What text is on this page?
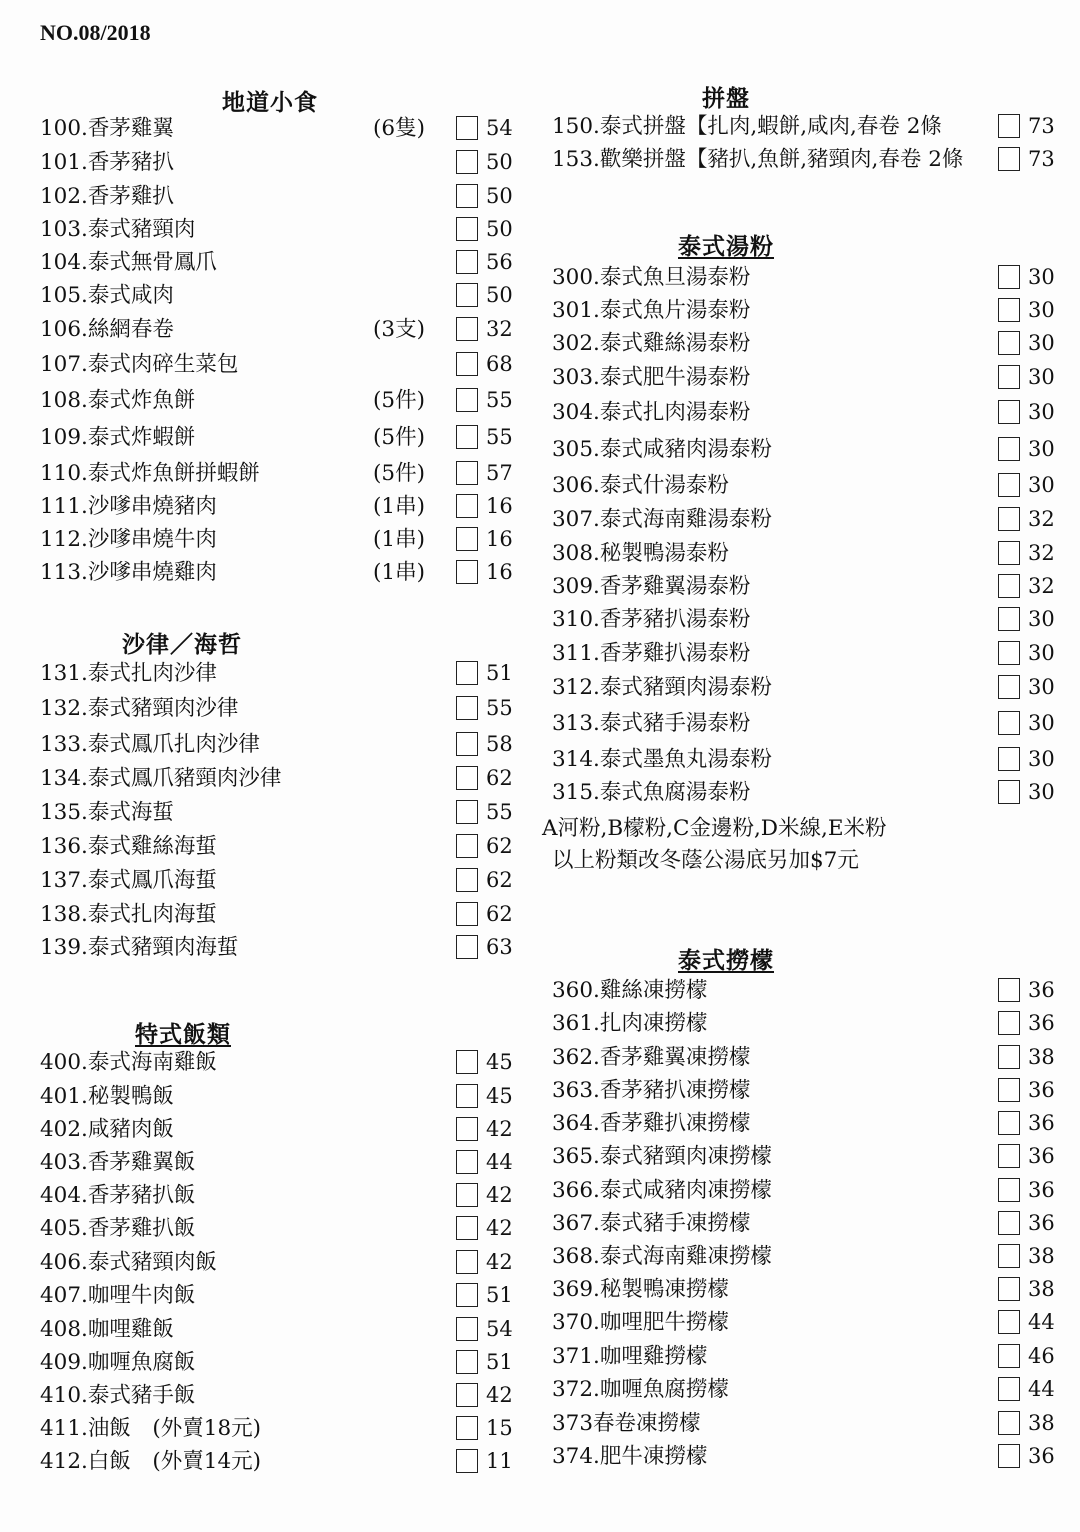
NO.08/2018
地道小食
100.香茅雞翼	(6隻)	54
101.香茅豬扒	50
102.香茅雞扒	50
103.泰式豬頸肉	50
104.泰式無骨鳳爪	56
105.泰式咸肉	50
106.絲網春卷	(3支)	32
107.泰式肉碎生菜包	68
108.泰式炸魚餅	(5件)	55
109.泰式炸蝦餅	(5件)	55
110.泰式炸魚餅拼蝦餅	(5件)	57
111.沙嗲串燒豬肉	(1串)	16
112.沙嗲串燒牛肉	(1串)	16
113.沙嗲串燒雞肉	(1串)	16
沙律／海哲
131.泰式扎肉沙律	51
132.泰式豬頸肉沙律	55
133.泰式鳳爪扎肉沙律	58
134.泰式鳳爪豬頸肉沙律	62
135.泰式海蜇	55
136.泰式雞絲海蜇	62
137.泰式鳳爪海蜇	62
138.泰式扎肉海蜇	62
139.泰式豬頸肉海蜇	63
特式飯類
400.泰式海南雞飯	45
401.秘製鴨飯	45
402.咸豬肉飯	42
403.香茅雞翼飯	44
404.香茅豬扒飯	42
405.香茅雞扒飯	42
406.泰式豬頸肉飯	42
407.咖哩牛肉飯	51
408.咖哩雞飯	54
409.咖喱魚腐飯	51
410.泰式豬手飯	42
411.油飯　(外賣18元)	15
412.白飯　(外賣14元)	11
拼盤
150.泰式拼盤【扎肉,蝦餅,咸肉,春卷 2條	73
153.歡樂拼盤【豬扒,魚餅,豬頸肉,春卷 2條	73
泰式湯粉
300.泰式魚旦湯泰粉	30
301.泰式魚片湯泰粉	30
302.泰式雞絲湯泰粉	30
303.泰式肥牛湯泰粉	30
304.泰式扎肉湯泰粉	30
305.泰式咸豬肉湯泰粉	30
306.泰式什湯泰粉	30
307.泰式海南雞湯泰粉	32
308.秘製鴨湯泰粉	32
309.香茅雞翼湯泰粉	32
310.香茅豬扒湯泰粉	30
311.香茅雞扒湯泰粉	30
312.泰式豬頸肉湯泰粉	30
313.泰式豬手湯泰粉	30
314.泰式墨魚丸湯泰粉	30
315.泰式魚腐湯泰粉	30
A河粉,B檬粉,C金邊粉,D米線,E米粉
以上粉類改冬蔭公湯底另加$7元
泰式撈檬
360.雞絲凍撈檬	36
361.扎肉凍撈檬	36
362.香茅雞翼凍撈檬	38
363.香茅豬扒凍撈檬	36
364.香茅雞扒凍撈檬	36
365.泰式豬頸肉凍撈檬	36
366.泰式咸豬肉凍撈檬	36
367.泰式豬手凍撈檬	36
368.泰式海南雞凍撈檬	38
369.秘製鴨凍撈檬	38
370.咖哩肥牛撈檬	44
371.咖哩雞撈檬	46
372.咖喱魚腐撈檬	44
373春卷凍撈檬	38
374.肥牛凍撈檬	36
